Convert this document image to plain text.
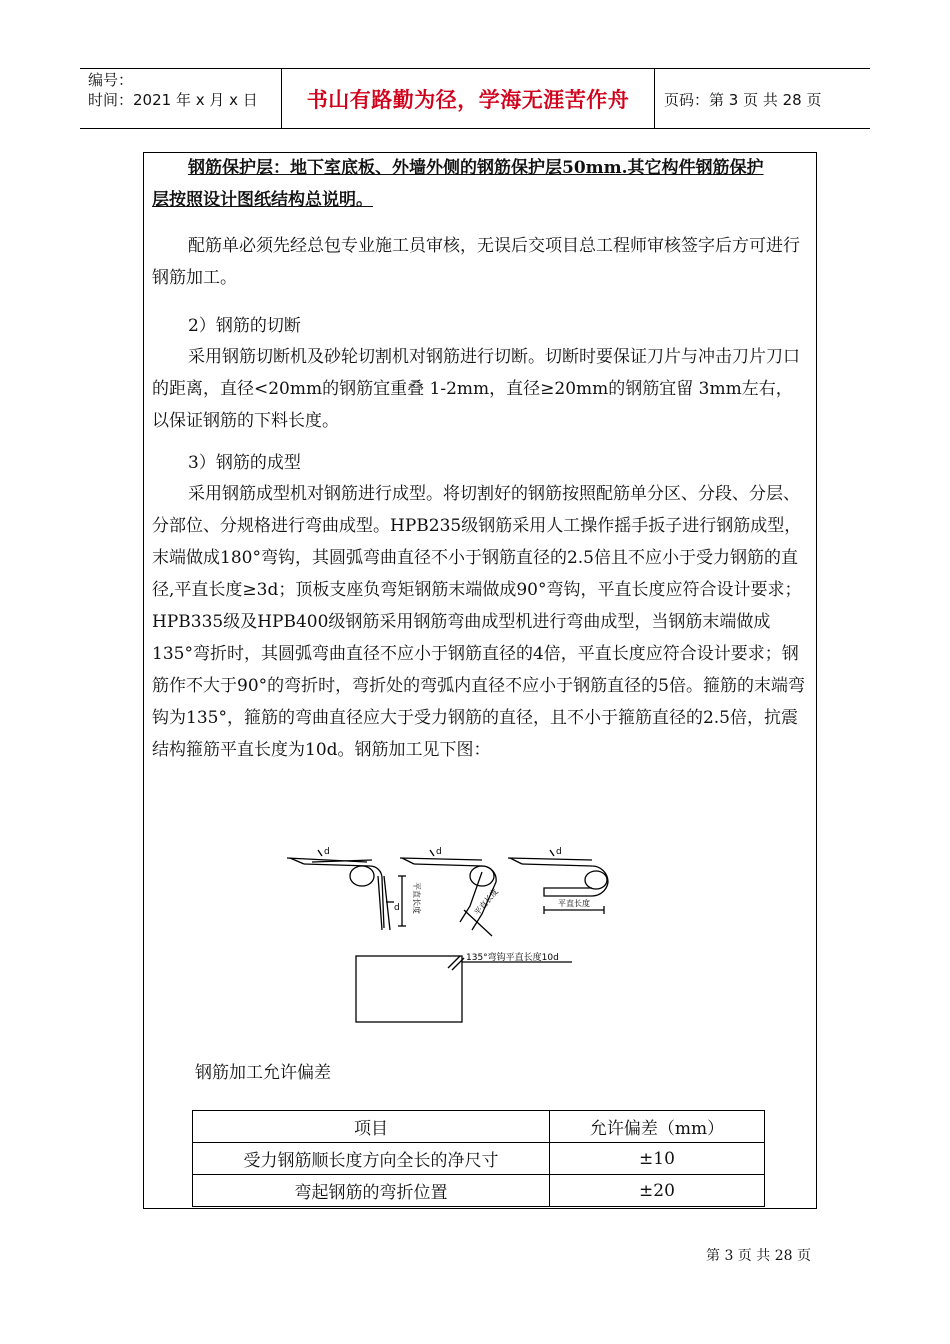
编号：
时间：2021 年 x 月 x 日	书山有路勤为径，学海无涯苦作舟	页码：第 3 页 共 28 页
钢筋保护层：地下室底板、外墙外侧的钢筋保护层50mm.其它构件钢筋保护
层按照设计图纸结构总说明。

配筋单必须先经总包专业施工员审核，无误后交项目总工程师审核签字后方可进行钢筋加工。

2）钢筋的切断

采用钢筋切断机及砂轮切割机对钢筋进行切断。切断时要保证刀片与冲击刀片刀口的距离，直径<20mm的钢筋宜重叠 1-2mm，直径≥20mm的钢筋宜留 3mm左右，以保证钢筋的下料长度。

3）钢筋的成型

采用钢筋成型机对钢筋进行成型。将切割好的钢筋按照配筋单分区、分段、分层、分部位、分规格进行弯曲成型。HPB235级钢筋采用人工操作摇手扳子进行钢筋成型，末端做成180°弯钩，其圆弧弯曲直径不小于钢筋直径的2.5倍且不应小于受力钢筋的直径,平直长度≥3d；顶板支座负弯矩钢筋末端做成90°弯钩，平直长度应符合设计要求；HPB335级及HPB400级钢筋采用钢筋弯曲成型机进行弯曲成型，当钢筋末端做成135°弯折时，其圆弧弯曲直径不应小于钢筋直径的4倍，平直长度应符合设计要求；钢筋作不大于90°的弯折时，弯折处的弯弧内直径不应小于钢筋直径的5倍。箍筋的末端弯钩为135°，箍筋的弯曲直径应大于受力钢筋的直径，且不小于箍筋直径的2.5倍，抗震结构箍筋平直长度为10d。钢筋加工见下图：

d	d	d
d 平直长度	平直长度	平直长度
135°弯钩平直长度10d
钢筋加工允许偏差
项目	允许偏差（mm）
受力钢筋顺长度方向全长的净尺寸	±10
弯起钢筋的弯折位置	±20
第 3 页 共 28 页
